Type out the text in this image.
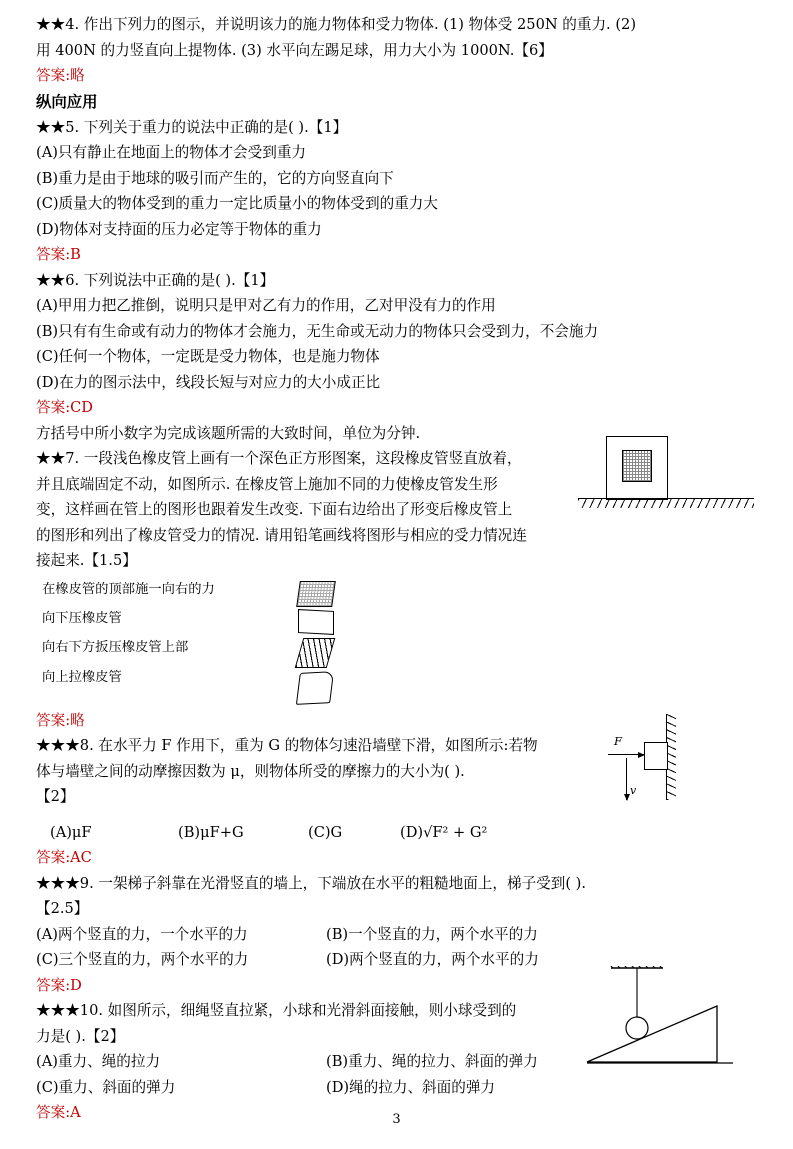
★★4. 作出下列力的图示，并说明该力的施力物体和受力物体. (1) 物体受 250N 的重力. (2)
用 400N 的力竖直向上提物体. (3) 水平向左踢足球，用力大小为 1000N.【6】
答案:略
纵向应用
★★5. 下列关于重力的说法中正确的是( ).【1】
(A)只有静止在地面上的物体才会受到重力
(B)重力是由于地球的吸引而产生的，它的方向竖直向下
(C)质量大的物体受到的重力一定比质量小的物体受到的重力大
(D)物体对支持面的压力必定等于物体的重力
答案:B
★★6. 下列说法中正确的是( ).【1】
(A)甲用力把乙推倒，说明只是甲对乙有力的作用，乙对甲没有力的作用
(B)只有有生命或有动力的物体才会施力，无生命或无动力的物体只会受到力，不会施力
(C)任何一个物体，一定既是受力物体，也是施力物体
(D)在力的图示法中，线段长短与对应力的大小成正比
答案:CD
方括号中所小数字为完成该题所需的大致时间，单位为分钟.
★★7. 一段浅色橡皮管上画有一个深色正方形图案，这段橡皮管竖直放着，
并且底端固定不动，如图所示. 在橡皮管上施加不同的力使橡皮管发生形
变，这样画在管上的图形也跟着发生改变. 下面右边给出了形变后橡皮管上
的图形和列出了橡皮管受力的情况. 请用铅笔画线将图形与相应的受力情况连
接起来.【1.5】
在橡皮管的顶部施一向右的力
向下压橡皮管
向右下方扳压橡皮管上部
向上拉橡皮管
答案:略
★★★8. 在水平力 F 作用下，重为 G 的物体匀速沿墙壁下滑，如图所示:若物
体与墙壁之间的动摩擦因数为 μ，则物体所受的摩擦力的大小为( ).
【2】
(A)μF	(B)μF+G	(C)G	(D)√F² + G²
答案:AC
★★★9. 一架梯子斜靠在光滑竖直的墙上，下端放在水平的粗糙地面上，梯子受到( ).
【2.5】
(A)两个竖直的力，一个水平的力	(B)一个竖直的力，两个水平的力
(C)三个竖直的力，两个水平的力	(D)两个竖直的力，两个水平的力
答案:D
★★★10. 如图所示，细绳竖直拉紧，小球和光滑斜面接触，则小球受到的
力是( ).【2】
(A)重力、绳的拉力	(B)重力、绳的拉力、斜面的弹力
(C)重力、斜面的弹力	(D)绳的拉力、斜面的弹力
答案:A
F
v
3
